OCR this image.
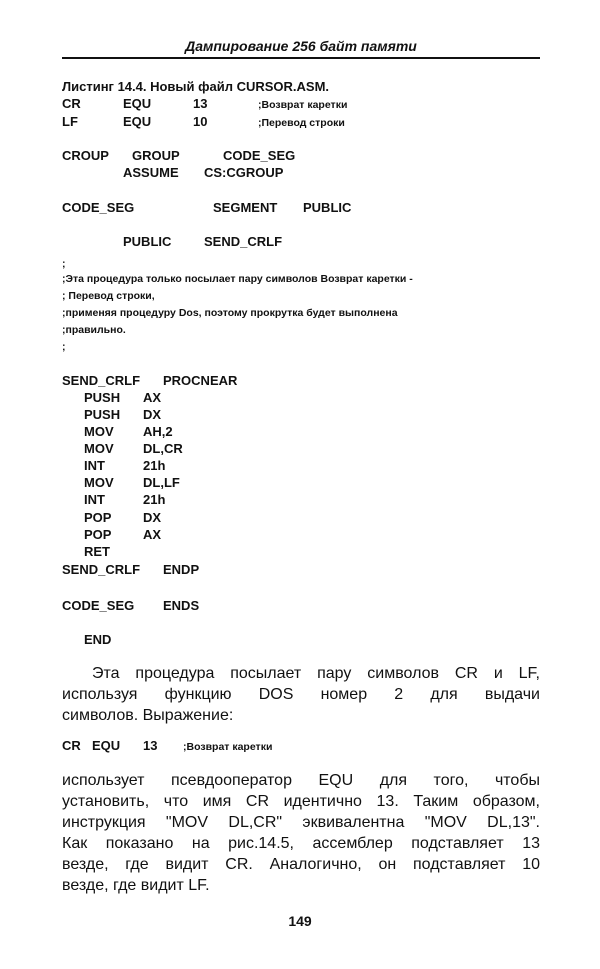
Дампирование 256 байт памяти
Листинг 14.4. Новый файл CURSOR.ASM.
CR	EQU	13	;Возврат каретки
LF	EQU	10	;Перевод строки
CROUP GROUP	CODE_SEG
ASSUME CS:CGROUP
CODE_SEG	SEGMENT PUBLIC
PUBLIC	SEND_CRLF
;
;Эта процедура только посылает пару символов Возврат каретки -
; Перевод строки,
;применяя процедуру Dos, поэтому прокрутка будет выполнена
;правильно.
;
SEND_CRLF PROCNEAR
PUSH AX
PUSH DX
MOV AH,2
MOV DL,CR
INT	21h
MOV DL,LF
INT	21h
POP DX
POP AX
RET
SEND_CRLF ENDP
CODE_SEG ENDS
END
Эта процедура посылает пару символов CR и LF,
используя функцию DOS номер 2 для выдачи
символов. Выражение:
CR EQU 13 ;Возврат каретки
использует псевдооператор EQU для того, чтобы
установить, что имя CR идентично 13. Таким образом,
инструкция "MOV DL,CR" эквивалентна "MOV DL,13".
Как показано на рис.14.5, ассемблер подставляет 13
везде, где видит CR. Аналогично, он подставляет 10
везде, где видит LF.
149
